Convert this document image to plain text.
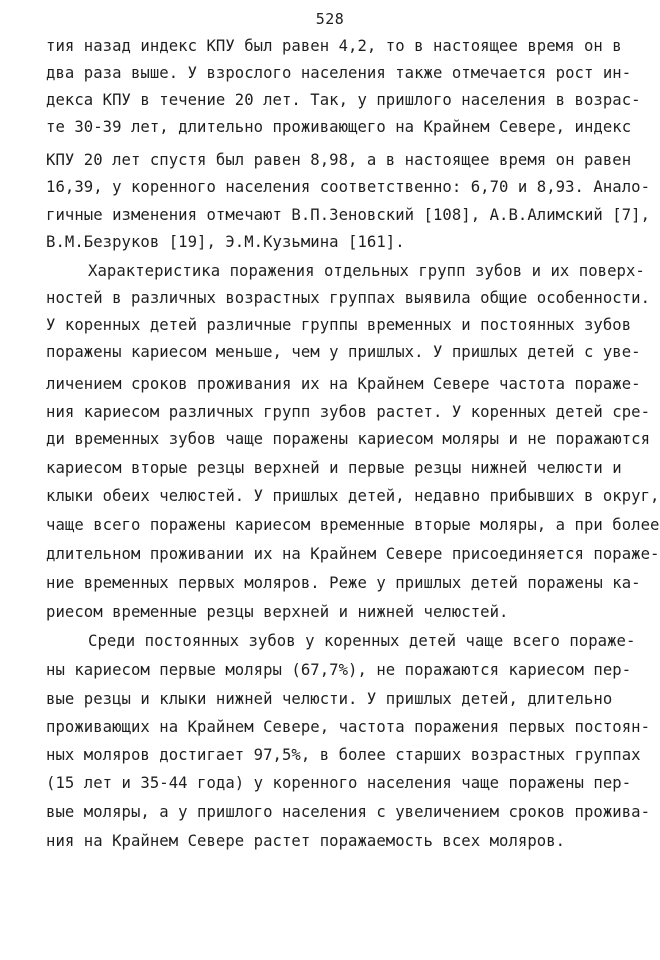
528
тия назад индекс КПУ был равен 4,2, то в настоящее время он в
два раза выше. У взрослого населения также отмечается рост ин-
декса КПУ в течение 20 лет. Так, у пришлого населения в возрас-
те 30-39 лет, длительно проживающего на Крайнем Севере, индекс
КПУ 20 лет спустя был равен 8,98, а в настоящее время он равен
16,39, у коренного населения соответственно: 6,70 и 8,93. Анало-
гичные изменения отмечают В.П.Зеновский [108], А.В.Алимский [7],
В.М.Безруков [19], Э.М.Кузьмина [161].
Характеристика поражения отдельных групп зубов и их поверх-
ностей в различных возрастных группах выявила общие особенности.
У коренных детей различные группы временных и постоянных зубов
поражены кариесом меньше, чем у пришлых. У пришлых детей с уве-
личением сроков проживания их на Крайнем Севере частота пораже-
ния кариесом различных групп зубов растет. У коренных детей сре-
ди временных зубов чаще поражены кариесом моляры и не поражаются
кариесом вторые резцы верхней и первые резцы нижней челюсти и
клыки обеих челюстей. У пришлых детей, недавно прибывших в округ,
чаще всего поражены кариесом временные вторые моляры, а при более
длительном проживании их на Крайнем Севере присоединяется пораже-
ние временных первых моляров. Реже у пришлых детей поражены ка-
риесом временные резцы верхней и нижней челюстей.
Среди постоянных зубов у коренных детей чаще всего пораже-
ны кариесом первые моляры (67,7%), не поражаются кариесом пер-
вые резцы и клыки нижней челюсти. У пришлых детей, длительно
проживающих на Крайнем Севере, частота поражения первых постоян-
ных моляров достигает 97,5%, в более старших возрастных группах
(15 лет и 35-44 года) у коренного населения чаще поражены пер-
вые моляры, а у пришлого населения с увеличением сроков прожива-
ния на Крайнем Севере растет поражаемость всех моляров.
